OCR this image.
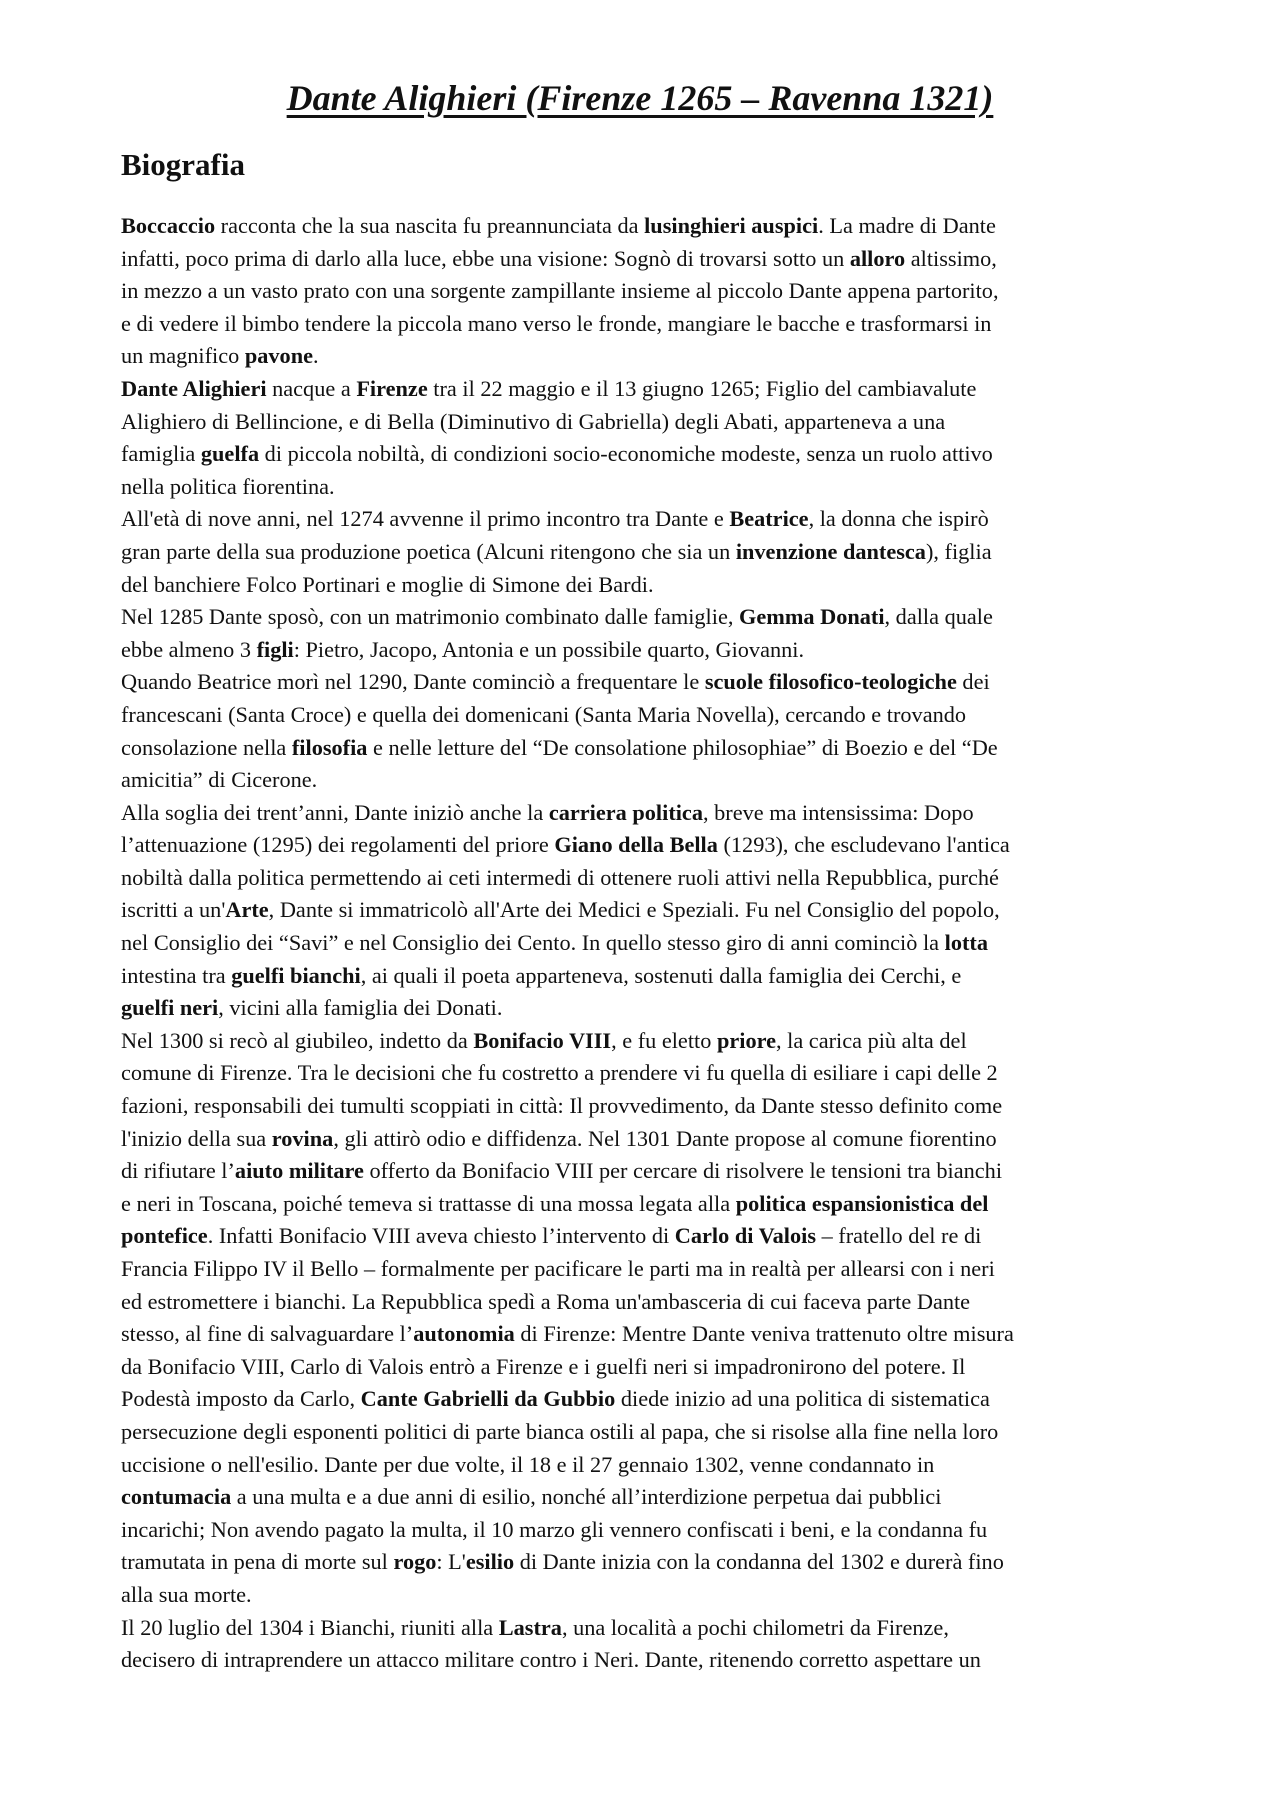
Dante Alighieri (Firenze 1265 – Ravenna 1321)
Biografia

Boccaccio racconta che la sua nascita fu preannunciata da lusinghieri auspici. La madre di Dante
infatti, poco prima di darlo alla luce, ebbe una visione: Sognò di trovarsi sotto un alloro altissimo,
in mezzo a un vasto prato con una sorgente zampillante insieme al piccolo Dante appena partorito,
e di vedere il bimbo tendere la piccola mano verso le fronde, mangiare le bacche e trasformarsi in
un magnifico pavone.

Dante Alighieri nacque a Firenze tra il 22 maggio e il 13 giugno 1265; Figlio del cambiavalute
Alighiero di Bellincione, e di Bella (Diminutivo di Gabriella) degli Abati, apparteneva a una
famiglia guelfa di piccola nobiltà, di condizioni socio-economiche modeste, senza un ruolo attivo
nella politica fiorentina.

All'età di nove anni, nel 1274 avvenne il primo incontro tra Dante e Beatrice, la donna che ispirò
gran parte della sua produzione poetica (Alcuni ritengono che sia un invenzione dantesca), figlia
del banchiere Folco Portinari e moglie di Simone dei Bardi.

Nel 1285 Dante sposò, con un matrimonio combinato dalle famiglie, Gemma Donati, dalla quale
ebbe almeno 3 figli: Pietro, Jacopo, Antonia e un possibile quarto, Giovanni.

Quando Beatrice morì nel 1290, Dante cominciò a frequentare le scuole filosofico-teologiche dei
francescani (Santa Croce) e quella dei domenicani (Santa Maria Novella), cercando e trovando
consolazione nella filosofia e nelle letture del “De consolatione philosophiae” di Boezio e del “De
amicitia” di Cicerone.

Alla soglia dei trent’anni, Dante iniziò anche la carriera politica, breve ma intensissima: Dopo
l’attenuazione (1295) dei regolamenti del priore Giano della Bella (1293), che escludevano l'antica
nobiltà dalla politica permettendo ai ceti intermedi di ottenere ruoli attivi nella Repubblica, purché
iscritti a un'Arte, Dante si immatricolò all'Arte dei Medici e Speziali. Fu nel Consiglio del popolo,
nel Consiglio dei “Savi” e nel Consiglio dei Cento. In quello stesso giro di anni cominciò la lotta
intestina tra guelfi bianchi, ai quali il poeta apparteneva, sostenuti dalla famiglia dei Cerchi, e
guelfi neri, vicini alla famiglia dei Donati.

Nel 1300 si recò al giubileo, indetto da Bonifacio VIII, e fu eletto priore, la carica più alta del
comune di Firenze. Tra le decisioni che fu costretto a prendere vi fu quella di esiliare i capi delle 2
fazioni, responsabili dei tumulti scoppiati in città: Il provvedimento, da Dante stesso definito come
l'inizio della sua rovina, gli attirò odio e diffidenza. Nel 1301 Dante propose al comune fiorentino
di rifiutare l’aiuto militare offerto da Bonifacio VIII per cercare di risolvere le tensioni tra bianchi
e neri in Toscana, poiché temeva si trattasse di una mossa legata alla politica espansionistica del
pontefice. Infatti Bonifacio VIII aveva chiesto l’intervento di Carlo di Valois – fratello del re di
Francia Filippo IV il Bello – formalmente per pacificare le parti ma in realtà per allearsi con i neri
ed estromettere i bianchi. La Repubblica spedì a Roma un'ambasceria di cui faceva parte Dante
stesso, al fine di salvaguardare l’autonomia di Firenze: Mentre Dante veniva trattenuto oltre misura
da Bonifacio VIII, Carlo di Valois entrò a Firenze e i guelfi neri si impadronirono del potere. Il
Podestà imposto da Carlo, Cante Gabrielli da Gubbio diede inizio ad una politica di sistematica
persecuzione degli esponenti politici di parte bianca ostili al papa, che si risolse alla fine nella loro
uccisione o nell'esilio. Dante per due volte, il 18 e il 27 gennaio 1302, venne condannato in
contumacia a una multa e a due anni di esilio, nonché all’interdizione perpetua dai pubblici
incarichi; Non avendo pagato la multa, il 10 marzo gli vennero confiscati i beni, e la condanna fu
tramutata in pena di morte sul rogo: L'esilio di Dante inizia con la condanna del 1302 e durerà fino
alla sua morte.

Il 20 luglio del 1304 i Bianchi, riuniti alla Lastra, una località a pochi chilometri da Firenze,
decisero di intraprendere un attacco militare contro i Neri. Dante, ritenendo corretto aspettare un
